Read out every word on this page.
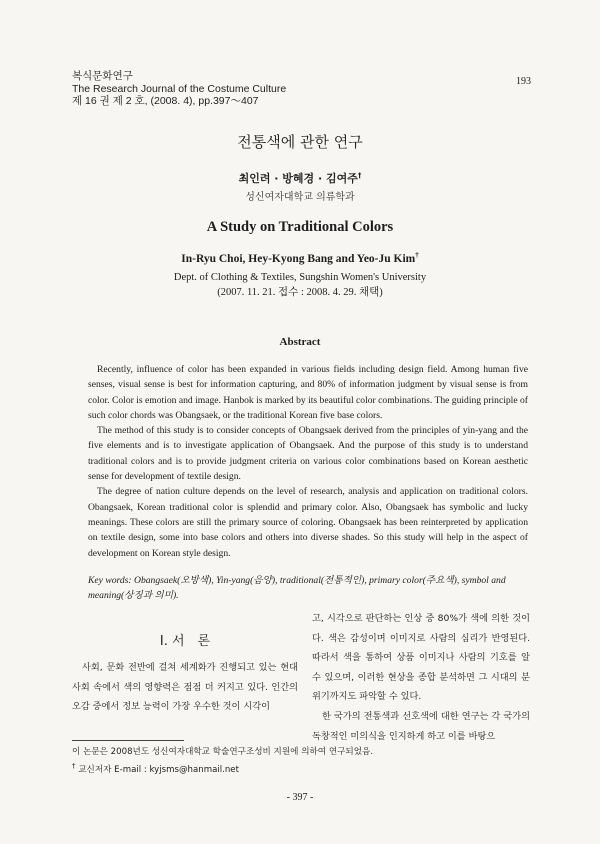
복식문화연구
The Research Journal of the Costume Culture
제 16 권 제 2 호, (2008. 4), pp.397～407
193
전통색에 관한 연구
최인려 · 방혜경 · 김여주†
성신여자대학교 의류학과
A Study on Traditional Colors
In-Ryu Choi, Hey-Kyong Bang and Yeo-Ju Kim†
Dept. of Clothing & Textiles, Sungshin Women's University
(2007. 11. 21. 접수 : 2008. 4. 29. 채택)
Abstract

Recently, influence of color has been expanded in various fields including design field. Among human five senses, visual sense is best for information capturing, and 80% of information judgment by visual sense is from color. Color is emotion and image. Hanbok is marked by its beautiful color combinations. The guiding principle of such color chords was Obangsaek, or the traditional Korean five base colors.

The method of this study is to consider concepts of Obangsaek derived from the principles of yin-yang and the five elements and is to investigate application of Obangsaek. And the purpose of this study is to understand traditional colors and is to provide judgment criteria on various color combinations based on Korean aesthetic sense for development of textile design.

The degree of nation culture depends on the level of research, analysis and application on traditional colors. Obangsaek, Korean traditional color is splendid and primary color. Also, Obangsaek has symbolic and lucky meanings. These colors are still the primary source of coloring. Obangsaek has been reinterpreted by application on textile design, some into base colors and others into diverse shades. So this study will help in the aspect of development on Korean style design.

Key words: Obangsaek(오방색), Yin-yang(음양), traditional(전통적인), primary color(주요색), symbol and meaning(상징과 의미).
Ⅰ. 서　론

사회, 문화 전반에 걸쳐 세계화가 진행되고 있는 현대사회 속에서 색의 영향력은 점점 더 커지고 있다. 인간의 오감 중에서 정보 능력이 가장 우수한 것이 시각이

고, 시각으로 판단하는 인상 중 80%가 색에 의한 것이다. 색은 감성이며 이미지로 사람의 심리가 반영된다. 따라서 색을 통하여 상품 이미지나 사람의 기호를 알 수 있으며, 이러한 현상을 종합 분석하면 그 시대의 분위기까지도 파악할 수 있다.

한 국가의 전통색과 선호색에 대한 연구는 각 국가의 독창적인 미의식을 인지하게 하고 이를 바탕으

이 논문은 2008년도 성신여자대학교 학술연구조성비 지원에 의하여 연구되었음.
† 교신저자 E-mail : kyjsms@hanmail.net
- 397 -
